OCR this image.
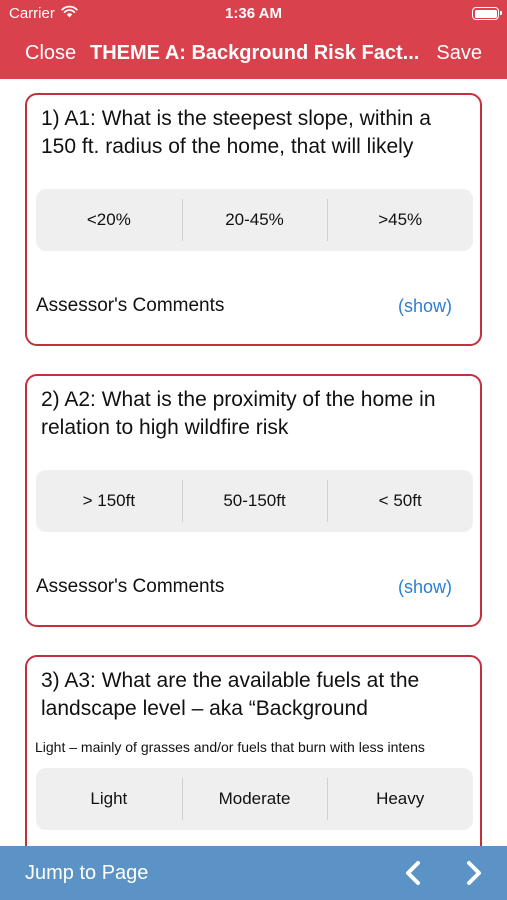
Carrier	1:36 AM
Close THEME A: Background Risk Fact... Save
1) A1: What is the steepest slope, within a 150 ft. radius of the home, that will likely
<20%	20-45%	>45%
Assessor's Comments	(show)
2) A2: What is the proximity of the home in relation to high wildfire risk
> 150ft	50-150ft	< 50ft
Assessor's Comments	(show)
3) A3: What are the available fuels at the landscape level – aka “Background
Light – mainly of grasses and/or fuels that burn with less intens
Light	Moderate	Heavy
Jump to Page
